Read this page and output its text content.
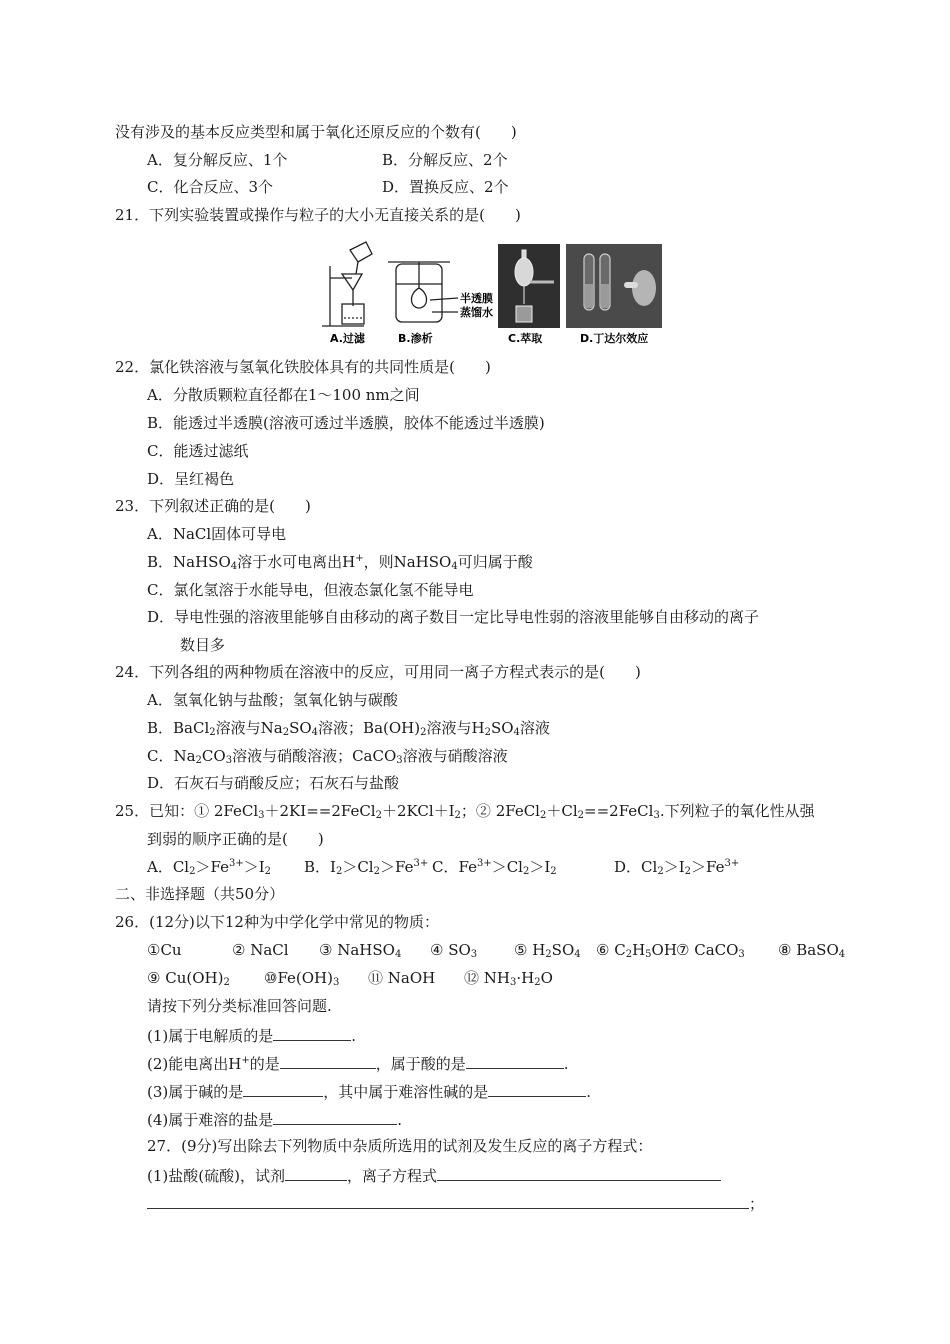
没有涉及的基本反应类型和属于氧化还原反应的个数有(　　)
A．复分解反应、1个	B．分解反应、2个
C．化合反应、3个	D．置换反应、2个
21．下列实验装置或操作与粒子的大小无直接关系的是(　　)
A.过滤
半透膜
蒸馏水
B.渗析	C.萃取	D.丁达尔效应
22．氯化铁溶液与氢氧化铁胶体具有的共同性质是(　　)
A．分散质颗粒直径都在1～100 nm之间
B．能透过半透膜(溶液可透过半透膜，胶体不能透过半透膜)
C．能透过滤纸
D．呈红褐色
23．下列叙述正确的是(　　)
A．NaCl固体可导电
B．NaHSO$_4$溶于水可电离出H+，则NaHSO$_4$可归属于酸
C．氯化氢溶于水能导电，但液态氯化氢不能导电
D．导电性强的溶液里能够自由移动的离子数目一定比导电性弱的溶液里能够自由移动的离子
数目多
24．下列各组的两种物质在溶液中的反应，可用同一离子方程式表示的是(　　)
A．氢氧化钠与盐酸；氢氧化钠与碳酸
B．BaCl$_2$溶液与$Na_2SO_4$溶液；$Ba(OH)_2$溶液与$H_2SO_4$溶液
C．$Na_2CO_3$溶液与硝酸溶液；CaCO$_3$溶液与硝酸溶液
D．石灰石与硝酸反应；石灰石与盐酸
25．已知：① $2FeCl_3+2KI==2FeCl_2+2KCl+I_2$；② $2FeCl_2+Cl_2==2FeCl_3$.下列粒子的氧化性从强
到弱的顺序正确的是(　　)
A．$Cl_2>Fe^{3+}>I_2$ B．$I_2>Cl_2>Fe^{3+}$ C．$Fe^{3+}>Cl_2>I_2$	D．$Cl_2>I_2>Fe^{3+}$
二、非选择题（共50分）
26．(12分)以下12种为中学化学中常见的物质：
①Cu	② NaCl ③ NaHSO$_4$ ④ $SO_3$ ⑤ $H_2SO_4$ ⑥ $C_2H_5OH$ ⑦ CaCO$_3$ ⑧ BaSO$_4$
⑨ $Cu(OH)_2$ $⑩Fe(OH)_3$ ⑪ NaOH ⑫ $NH_3\cdot H_2O$
请按下列分类标准回答问题.
(1)属于电解质的是	.
(2)能电离出H+的是	，属于酸的是	.
(3)属于碱的是	，其中属于难溶性碱的是	.
(4)属于难溶的盐是	.
27．(9分)写出除去下列物质中杂质所选用的试剂及发生反应的离子方程式：
(1)盐酸(硫酸)，试剂	，离子方程式
；
